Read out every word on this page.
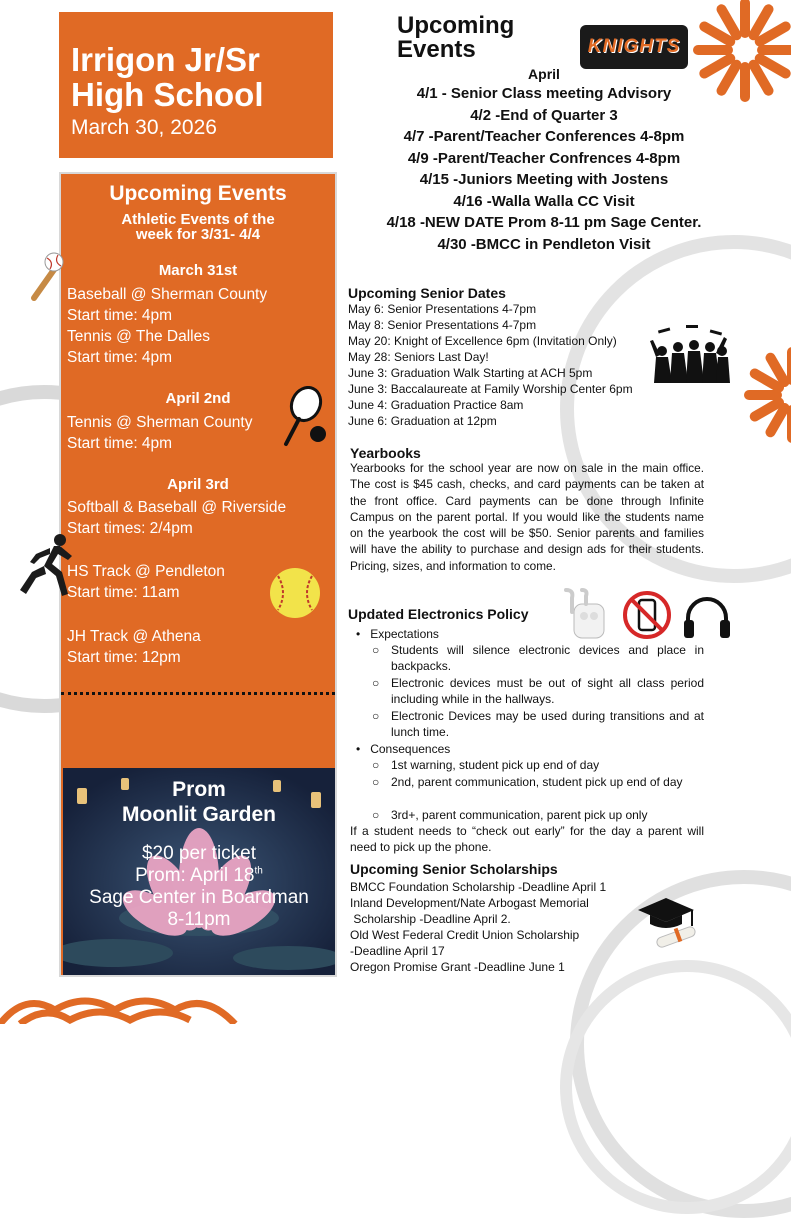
Irrigon Jr/Sr High School
March 30, 2026
Upcoming Events
Athletic Events of the week for 3/31- 4/4
March 31st
Baseball @ Sherman County
Start time: 4pm
Tennis @ The Dalles
Start time: 4pm
April 2nd
Tennis @ Sherman County
Start time: 4pm
April 3rd
Softball & Baseball @ Riverside
Start times: 2/4pm
HS Track @ Pendleton
Start time: 11am
JH Track @ Athena
Start time: 12pm
Prom
Moonlit Garden
$20 per ticket
Prom: April 18th
Sage Center in Boardman
8-11pm
Upcoming Events	KNIGHTS
April
4/1 - Senior Class meeting Advisory
4/2 -End of Quarter 3
4/7 -Parent/Teacher Conferences 4-8pm
4/9 -Parent/Teacher Confrences 4-8pm
4/15 -Juniors Meeting with Jostens
4/16 -Walla Walla CC Visit
4/18 -NEW DATE Prom 8-11 pm Sage Center.
4/30 -BMCC in Pendleton Visit
Upcoming Senior Dates
May 6: Senior Presentations 4-7pm
May 8: Senior Presentations 4-7pm
May 20: Knight of Excellence 6pm (Invitation Only)
May 28: Seniors Last Day!
June 3: Graduation Walk Starting at ACH 5pm
June 3: Baccalaureate at Family Worship Center 6pm
June 4: Graduation Practice 8am
June 6: Graduation at 12pm
Yearbooks
Yearbooks for the school year are now on sale in the main office. The cost is $45 cash, checks, and card payments can be taken at the front office. Card payments can be done through Infinite Campus on the parent portal. If you would like the students name on the yearbook the cost will be $50. Senior parents and families will have the ability to purchase and design ads for their students. Pricing, sizes, and information to come.
Updated Electronics Policy
•   Expectations
○ Students will silence electronic devices and place in backpacks.
○ Electronic devices must be out of sight all class period including while in the hallways.
○ Electronic Devices may be used during transitions and at lunch time.
•   Consequences
○ 1st warning, student pick up end of day
○ 2nd, parent communication, student pick up end of day
○ 3rd+, parent communication, parent pick up only
If a student needs to “check out early” for the day a parent will need to pick up the phone.
Upcoming Senior Scholarships
BMCC Foundation Scholarship -Deadline April 1
Inland Development/Nate Arbogast Memorial
Scholarship -Deadline April 2.
Old West Federal Credit Union Scholarship
-Deadline April 17
Oregon Promise Grant -Deadline June 1
